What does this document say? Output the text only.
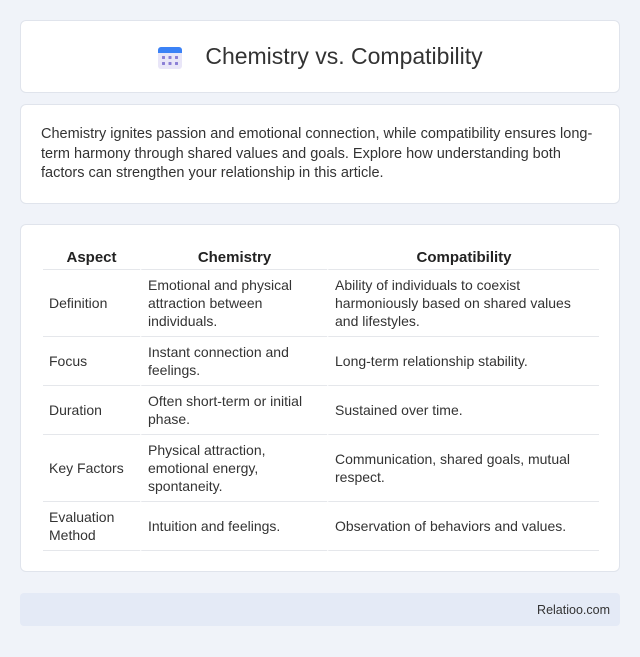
Chemistry vs. Compatibility

Chemistry ignites passion and emotional connection, while compatibility ensures long-term harmony through shared values and goals. Explore how understanding both factors can strengthen your relationship in this article.

Aspect	Chemistry	Compatibility
Definition	Emotional and physical attraction between individuals.	Ability of individuals to coexist harmoniously based on shared values and lifestyles.
Focus	Instant connection and feelings.	Long-term relationship stability.
Duration	Often short-term or initial phase.	Sustained over time.
Key Factors	Physical attraction, emotional energy, spontaneity.	Communication, shared goals, mutual respect.
Evaluation Method	Intuition and feelings.	Observation of behaviors and values.
Relatioo.com
